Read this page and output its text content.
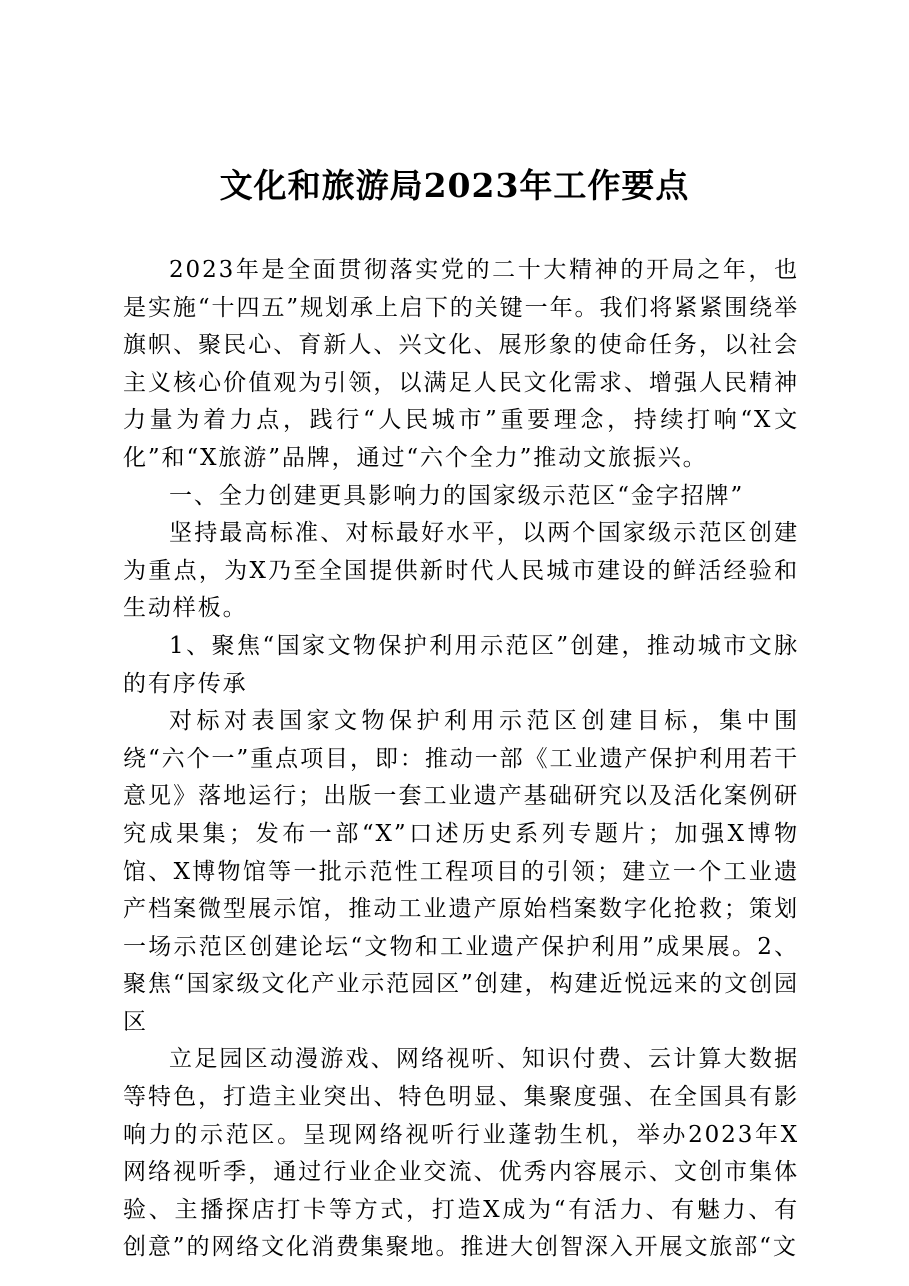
文化和旅游局2023年工作要点

2023年是全面贯彻落实党的二十大精神的开局之年，也是实施“十四五”规划承上启下的关键一年。我们将紧紧围绕举旗帜、聚民心、育新人、兴文化、展形象的使命任务，以社会主义核心价值观为引领，以满足人民文化需求、增强人民精神力量为着力点，践行“人民城市”重要理念，持续打响“X文化”和“X旅游”品牌，通过“六个全力”推动文旅振兴。

一、全力创建更具影响力的国家级示范区“金字招牌”

坚持最高标准、对标最好水平，以两个国家级示范区创建为重点，为X乃至全国提供新时代人民城市建设的鲜活经验和生动样板。

1、聚焦“国家文物保护利用示范区”创建，推动城市文脉的有序传承

对标对表国家文物保护利用示范区创建目标，集中围绕“六个一”重点项目，即：推动一部《工业遗产保护利用若干意见》落地运行；出版一套工业遗产基础研究以及活化案例研究成果集；发布一部“X”口述历史系列专题片；加强X博物馆、X博物馆等一批示范性工程项目的引领；建立一个工业遗产档案微型展示馆，推动工业遗产原始档案数字化抢救；策划一场示范区创建论坛“文物和工业遗产保护利用”成果展。2、聚焦“国家级文化产业示范园区”创建，构建近悦远来的文创园区

立足园区动漫游戏、网络视听、知识付费、云计算大数据等特色，打造主业突出、特色明显、集聚度强、在全国具有影响力的示范区。呈现网络视听行业蓬勃生机，举办2023年X网络视听季，通过行业企业交流、优秀内容展示、文创市集体验、主播探店打卡等方式，打造X成为“有活力、有魅力、有创意”的网络文化消费集聚地。推进大创智深入开展文旅部“文
